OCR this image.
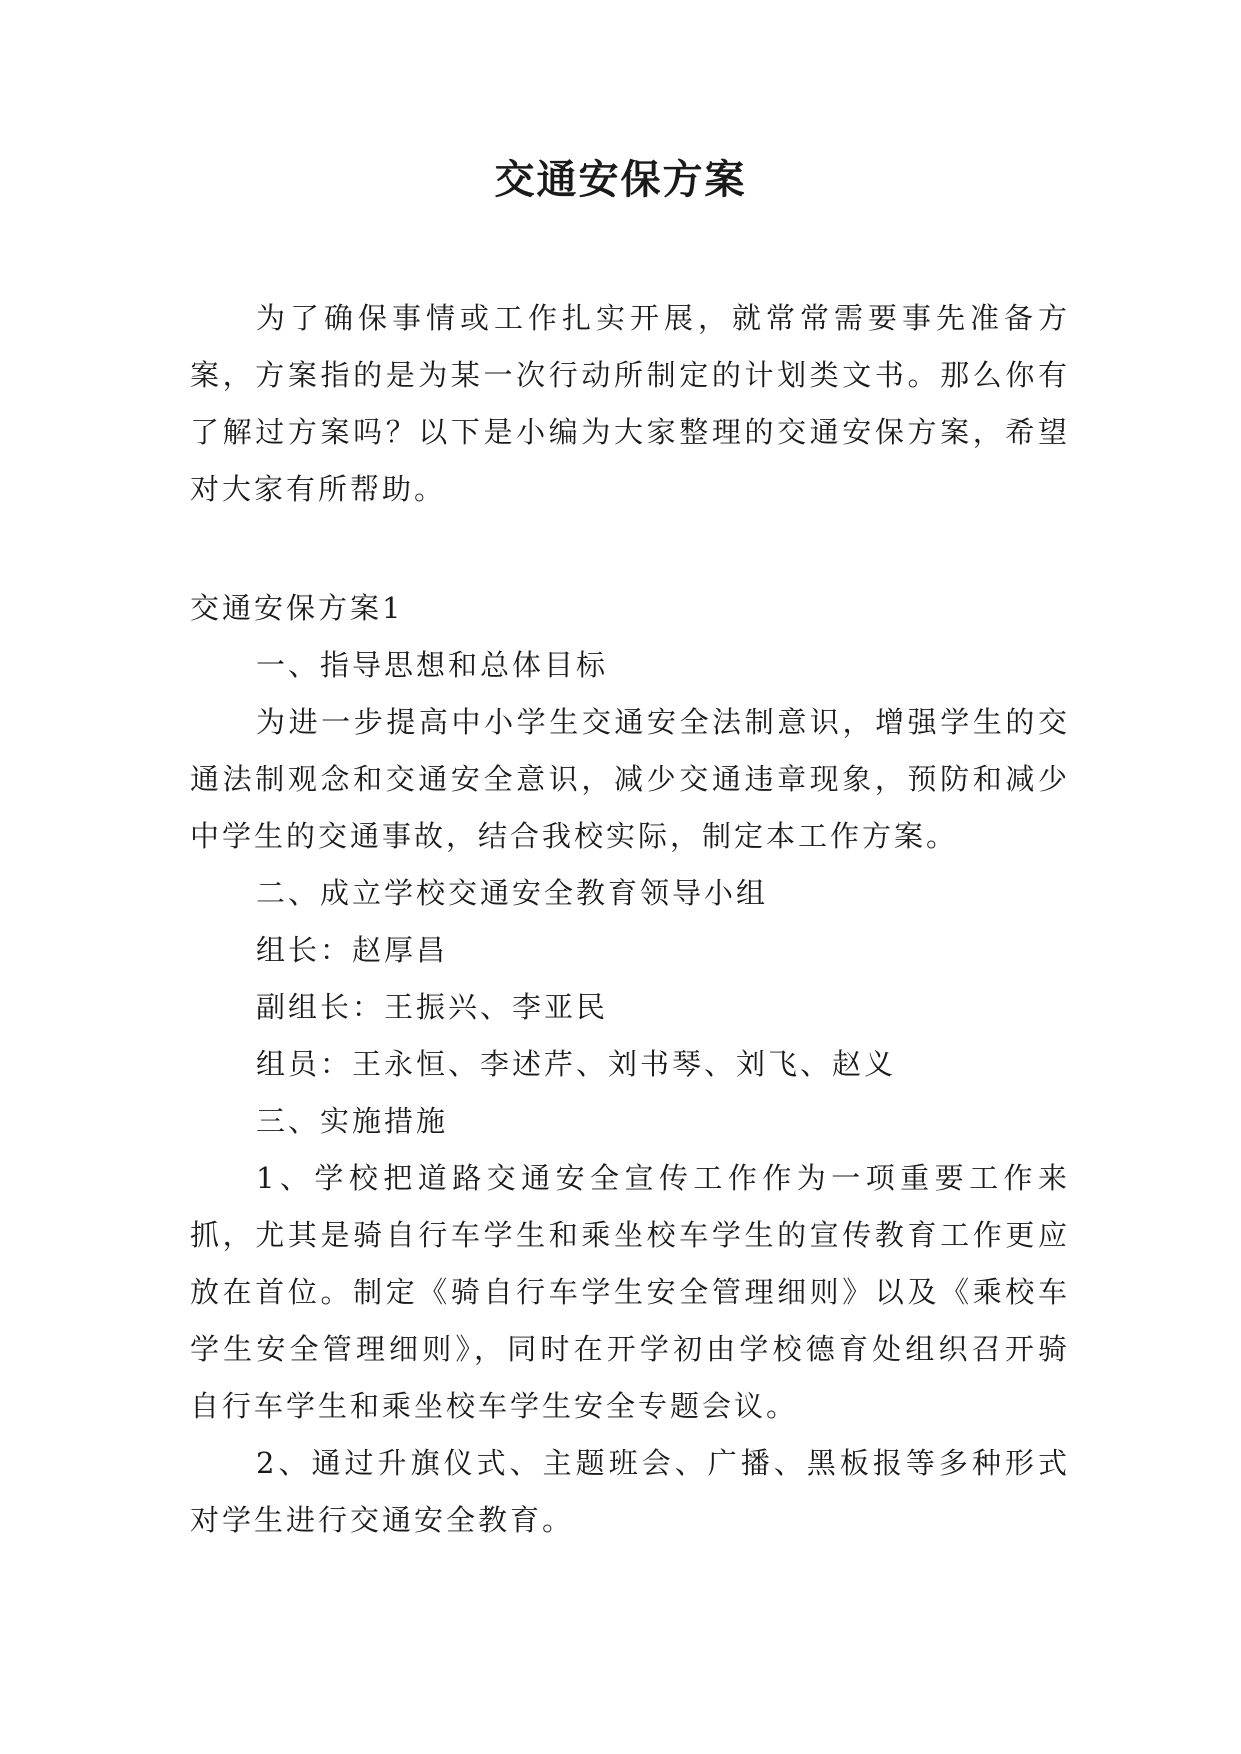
交通安保方案

为了确保事情或工作扎实开展，就常常需要事先准备方案，方案指的是为某一次行动所制定的计划类文书。那么你有了解过方案吗？以下是小编为大家整理的交通安保方案，希望对大家有所帮助。

交通安保方案1

一、指导思想和总体目标

为进一步提高中小学生交通安全法制意识，增强学生的交通法制观念和交通安全意识，减少交通违章现象，预防和减少中学生的交通事故，结合我校实际，制定本工作方案。

二、成立学校交通安全教育领导小组

组长：赵厚昌

副组长：王振兴、李亚民

组员：王永恒、李述芹、刘书琴、刘飞、赵义

三、实施措施

1、学校把道路交通安全宣传工作作为一项重要工作来抓，尤其是骑自行车学生和乘坐校车学生的宣传教育工作更应放在首位。制定《骑自行车学生安全管理细则》以及《乘校车学生安全管理细则》，同时在开学初由学校德育处组织召开骑自行车学生和乘坐校车学生安全专题会议。

2、通过升旗仪式、主题班会、广播、黑板报等多种形式对学生进行交通安全教育。
